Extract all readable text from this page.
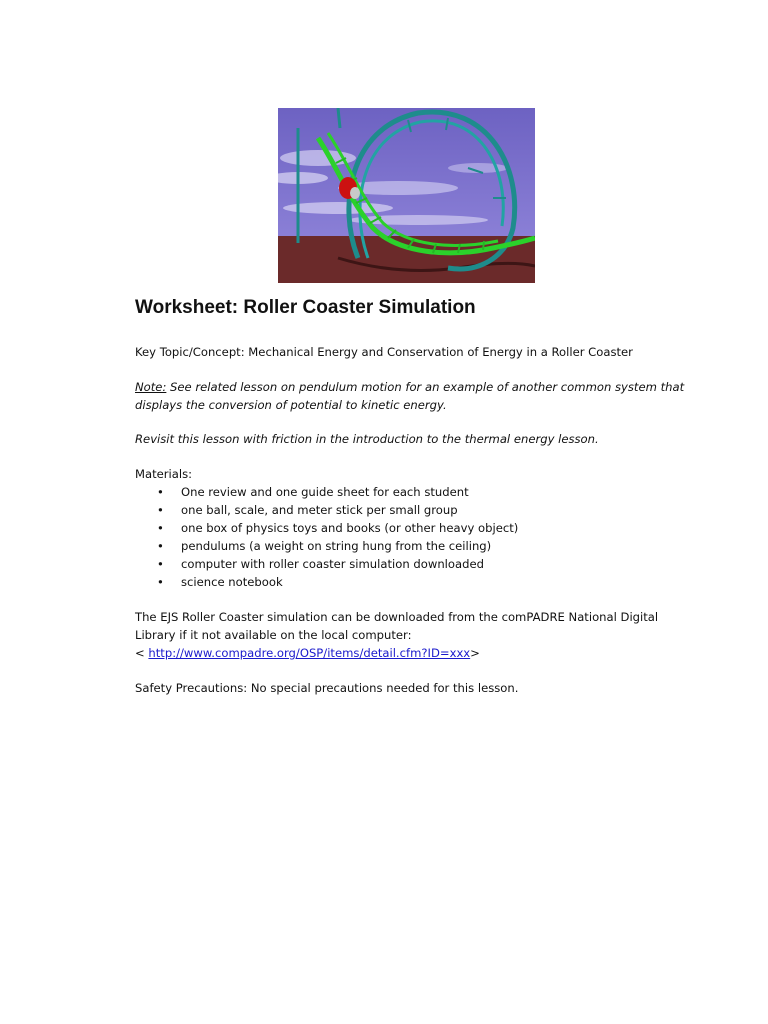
Worksheet: Roller Coaster Simulation

Key Topic/Concept: Mechanical Energy and Conservation of Energy in a Roller Coaster

Note: See related lesson on pendulum motion for an example of another common system that displays the conversion of potential to kinetic energy.

Revisit this lesson with friction in the introduction to the thermal energy lesson.

Materials:

• One review and one guide sheet for each student
• one ball, scale, and meter stick per small group
• one box of physics toys and books (or other heavy object)
• pendulums (a weight on string hung from the ceiling)
• computer with roller coaster simulation downloaded
• science notebook

The EJS Roller Coaster simulation can be downloaded from the comPADRE National Digital Library if it not available on the local computer:

< http://www.compadre.org/OSP/items/detail.cfm?ID=xxx>

Safety Precautions: No special precautions needed for this lesson.
